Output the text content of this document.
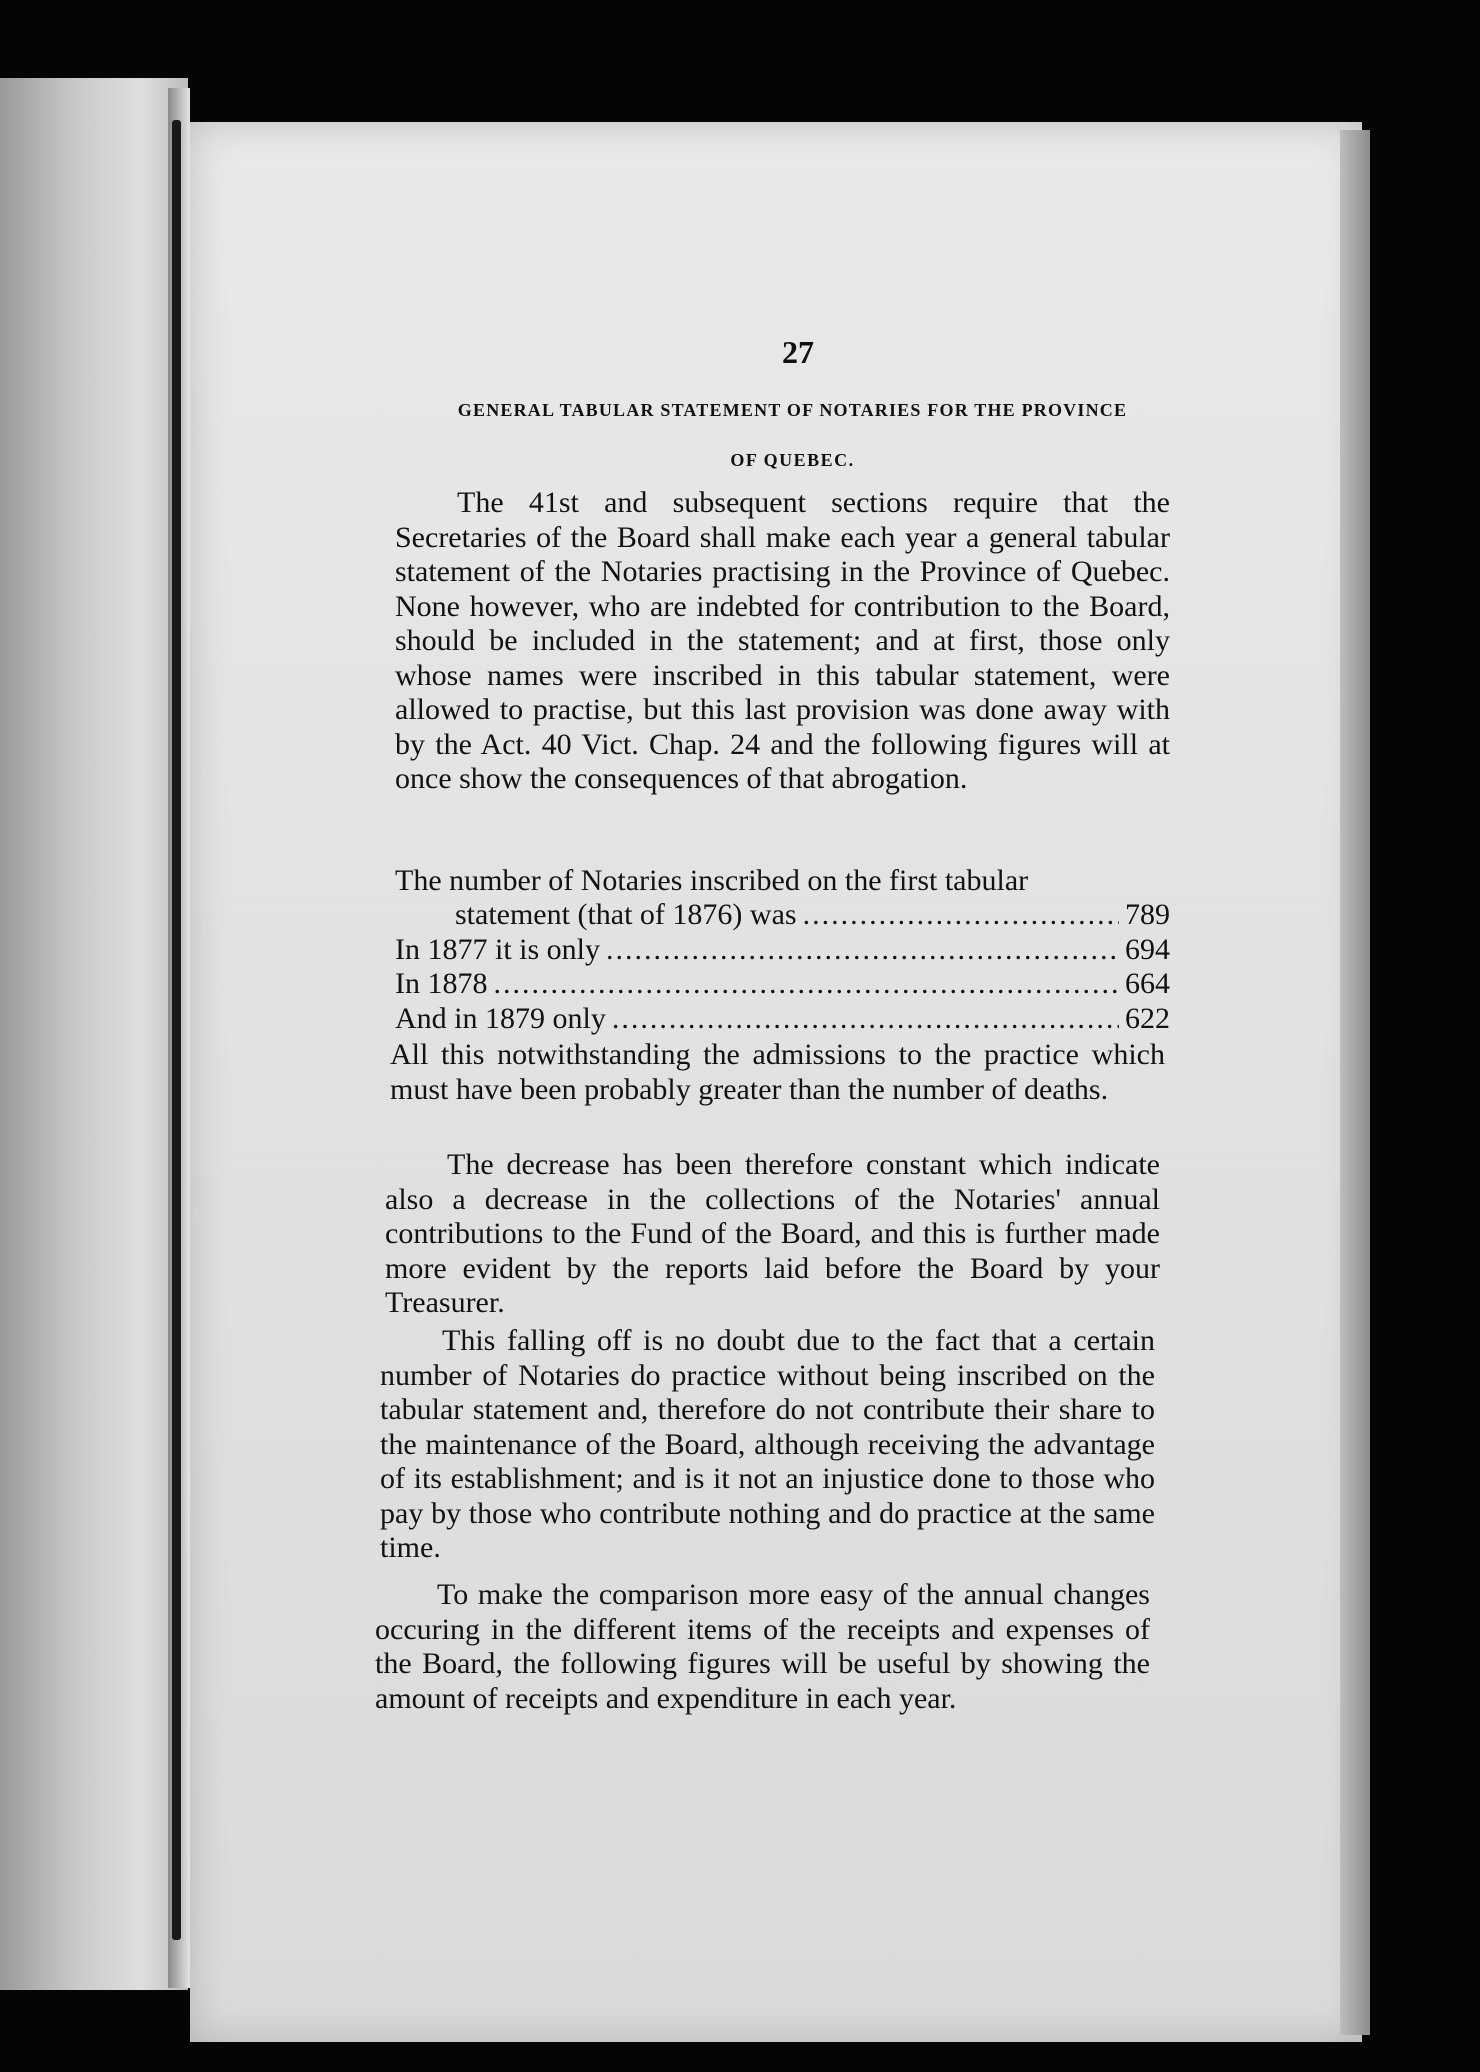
27
GENERAL TABULAR STATEMENT OF NOTARIES FOR THE PROVINCE
OF QUEBEC.
The 41st and subsequent sections require that the Secretaries of the Board shall make each year a general tabular statement of the Notaries practising in the Province of Quebec. None however, who are indebted for contribution to the Board, should be included in the statement; and at first, those only whose names were inscribed in this tabular statement, were allowed to practise, but this last provision was done away with by the Act. 40 Vict. Chap. 24 and the following figures will at once show the consequences of that abrogation.
The number of Notaries inscribed on the first tabular
statement (that of 1876) was .....	789
In 1877 it is only .....	694
In 1878 .....	664
And in 1879 only .....	622
All this notwithstanding the admissions to the practice which must have been probably greater than the number of deaths.
The decrease has been therefore constant which indicate also a decrease in the collections of the Notaries' annual contributions to the Fund of the Board, and this is further made more evident by the reports laid before the Board by your Treasurer.
This falling off is no doubt due to the fact that a certain number of Notaries do practice without being inscribed on the tabular statement and, therefore do not contribute their share to the maintenance of the Board, although receiving the advantage of its establishment; and is it not an injustice done to those who pay by those who contribute nothing and do practice at the same time.
To make the comparison more easy of the annual changes occuring in the different items of the receipts and expenses of the Board, the following figures will be useful by showing the amount of receipts and expenditure in each year.
